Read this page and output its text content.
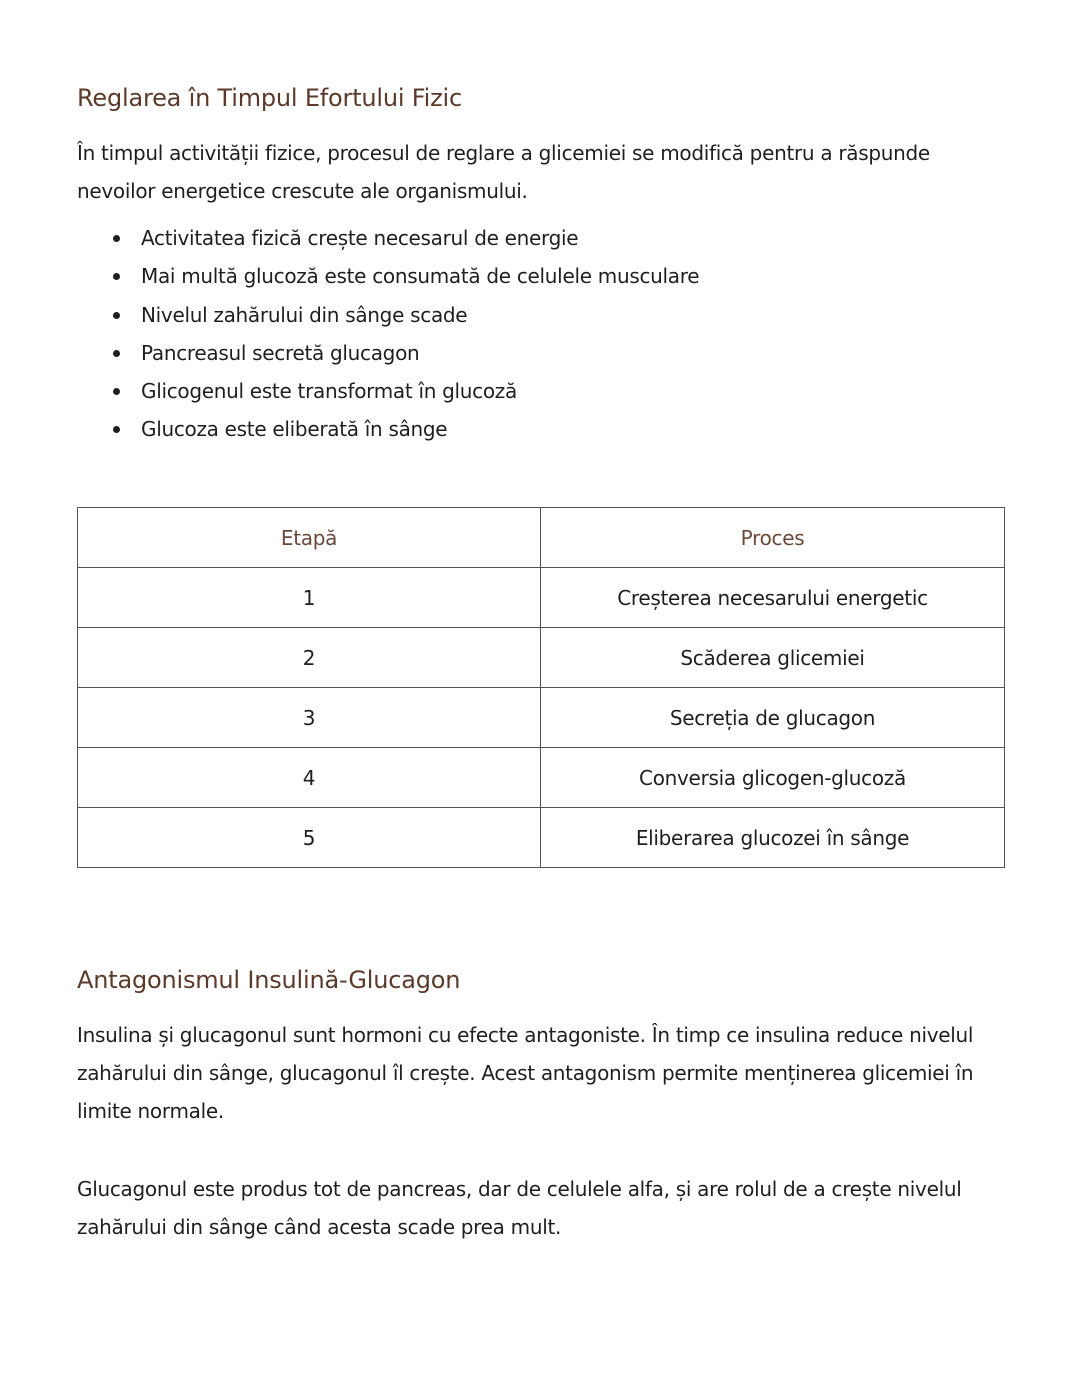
Reglarea în Timpul Efortului Fizic

În timpul activității fizice, procesul de reglare a glicemiei se modifică pentru a răspunde nevoilor energetice crescute ale organismului.

Activitatea fizică crește necesarul de energie
Mai multă glucoză este consumată de celulele musculare
Nivelul zahărului din sânge scade
Pancreasul secretă glucagon
Glicogenul este transformat în glucoză
Glucoza este eliberată în sânge
Etapă	Proces
1	Creșterea necesarului energetic
2	Scăderea glicemiei
3	Secreția de glucagon
4	Conversia glicogen-glucoză
5	Eliberarea glucozei în sânge
Antagonismul Insulină-Glucagon

Insulina și glucagonul sunt hormoni cu efecte antagoniste. În timp ce insulina reduce nivelul zahărului din sânge, glucagonul îl crește. Acest antagonism permite menținerea glicemiei în limite normale.

Glucagonul este produs tot de pancreas, dar de celulele alfa, și are rolul de a crește nivelul zahărului din sânge când acesta scade prea mult.
